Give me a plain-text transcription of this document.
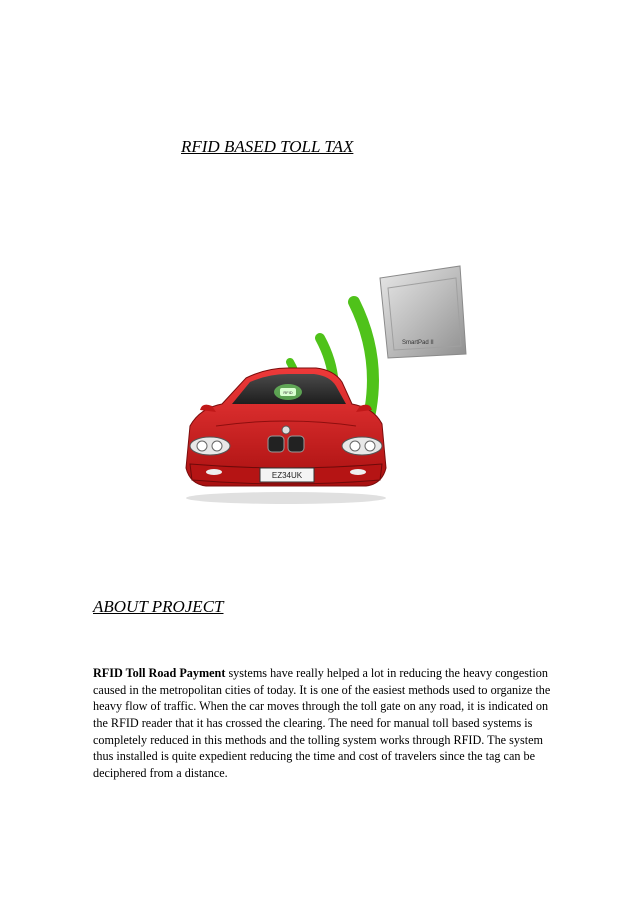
RFID BASED TOLL TAX
SmartPad II
RFID
EZ34UK
ABOUT PROJECT

RFID Toll Road Payment systems have really helped a lot in reducing the heavy congestion caused in the metropolitan cities of today. It is one of the easiest methods used to organize the heavy flow of traffic. When the car moves through the toll gate on any road, it is indicated on the RFID reader that it has crossed the clearing. The need for manual toll based systems is completely reduced in this methods and the tolling system works through RFID. The system thus installed is quite expedient reducing the time and cost of travelers since the tag can be deciphered from a distance.
